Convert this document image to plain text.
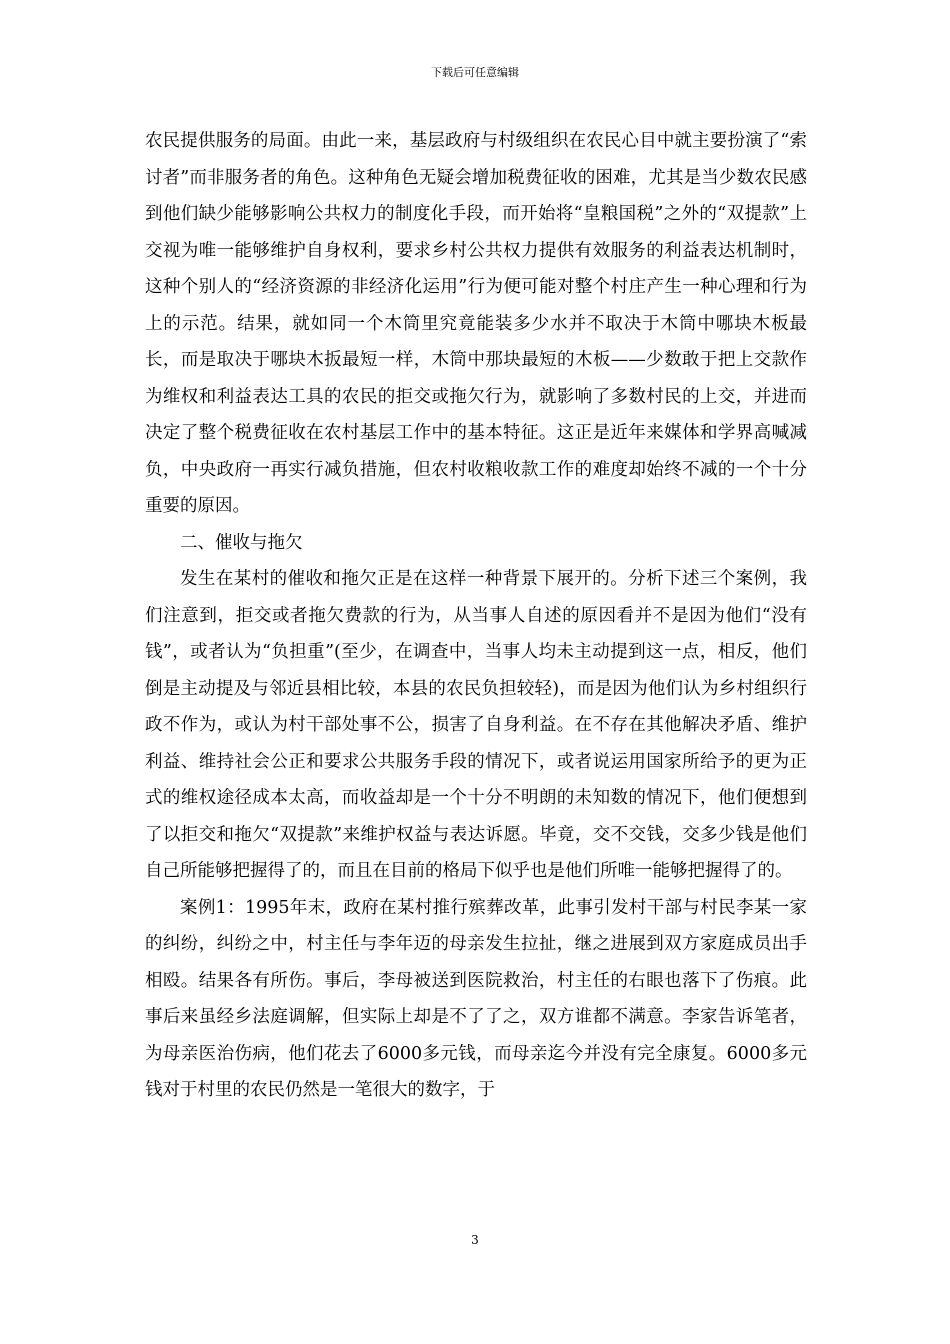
下载后可任意编辑

农民提供服务的局面。由此一来，基层政府与村级组织在农民心目中就主要扮演了“索讨者”而非服务者的角色。这种角色无疑会增加税费征收的困难，尤其是当少数农民感到他们缺少能够影响公共权力的制度化手段，而开始将“皇粮国税”之外的“双提款”上交视为唯一能够维护自身权利，要求乡村公共权力提供有效服务的利益表达机制时，这种个别人的“经济资源的非经济化运用”行为便可能对整个村庄产生一种心理和行为上的示范。结果，就如同一个木筒里究竟能装多少水并不取决于木筒中哪块木板最长，而是取决于哪块木扳最短一样，木筒中那块最短的木板——少数敢于把上交款作为维权和利益表达工具的农民的拒交或拖欠行为，就影响了多数村民的上交，并进而决定了整个税费征收在农村基层工作中的基本特征。这正是近年来媒体和学界高喊减负，中央政府一再实行减负措施，但农村收粮收款工作的难度却始终不减的一个十分重要的原因。

二、催收与拖欠

发生在某村的催收和拖欠正是在这样一种背景下展开的。分析下述三个案例，我们注意到，拒交或者拖欠费款的行为，从当事人自述的原因看并不是因为他们“没有钱”，或者认为“负担重”(至少，在调查中，当事人均未主动提到这一点，相反，他们倒是主动提及与邻近县相比较，本县的农民负担较轻)，而是因为他们认为乡村组织行政不作为，或认为村干部处事不公，损害了自身利益。在不存在其他解决矛盾、维护利益、维持社会公正和要求公共服务手段的情况下，或者说运用国家所给予的更为正式的维权途径成本太高，而收益却是一个十分不明朗的未知数的情况下，他们便想到了以拒交和拖欠“双提款”来维护权益与表达诉愿。毕竟，交不交钱，交多少钱是他们自己所能够把握得了的，而且在目前的格局下似乎也是他们所唯一能够把握得了的。

案例1：1995年末，政府在某村推行殡葬改革，此事引发村干部与村民李某一家的纠纷，纠纷之中，村主任与李年迈的母亲发生拉扯，继之进展到双方家庭成员出手相殴。结果各有所伤。事后，李母被送到医院救治，村主任的右眼也落下了伤痕。此事后来虽经乡法庭调解，但实际上却是不了了之，双方谁都不满意。李家告诉笔者，为母亲医治伤病，他们花去了6000多元钱，而母亲迄今并没有完全康复。6000多元钱对于村里的农民仍然是一笔很大的数字，于

3
